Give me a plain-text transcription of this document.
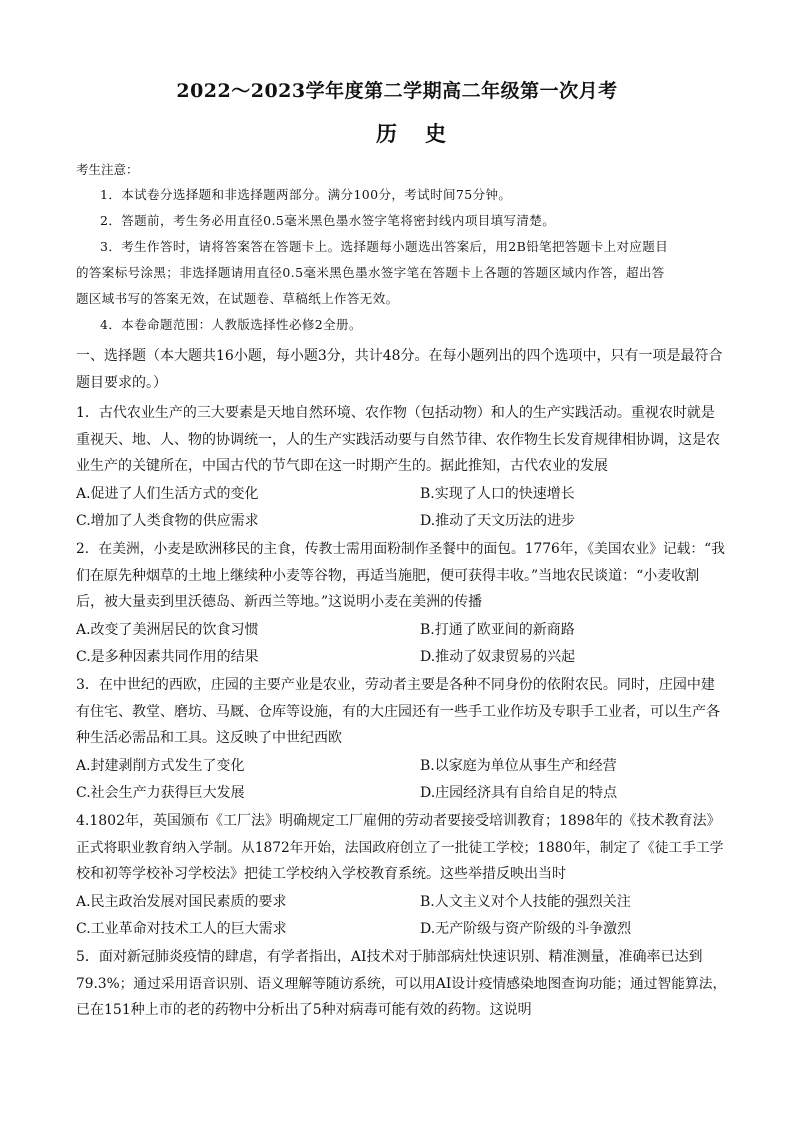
2022～2023学年度第二学期高二年级第一次月考
历史
考生注意：
1．本试卷分选择题和非选择题两部分。满分100分，考试时间75分钟。
2．答题前，考生务必用直径0.5毫米黑色墨水签字笔将密封线内项目填写清楚。
3．考生作答时，请将答案答在答题卡上。选择题每小题选出答案后，用2B铅笔把答题卡上对应题目
的答案标号涂黑；非选择题请用直径0.5毫米黑色墨水签字笔在答题卡上各题的答题区域内作答，超出答
题区域书写的答案无效，在试题卷、草稿纸上作答无效。
4．本卷命题范围：人教版选择性必修2全册。
一、选择题（本大题共16小题，每小题3分，共计48分。在每小题列出的四个选项中，只有一项是最符合
题目要求的。）
1．古代农业生产的三大要素是天地自然环境、农作物（包括动物）和人的生产实践活动。重视农时就是
重视天、地、人、物的协调统一，人的生产实践活动要与自然节律、农作物生长发育规律相协调，这是农
业生产的关键所在，中国古代的节气即在这一时期产生的。据此推知，古代农业的发展
A.促进了人们生活方式的变化	B.实现了人口的快速增长
C.增加了人类食物的供应需求	D.推动了天文历法的进步
2．在美洲，小麦是欧洲移民的主食，传教士需用面粉制作圣餐中的面包。1776年，《美国农业》记载：“我
们在原先种烟草的土地上继续种小麦等谷物，再适当施肥，便可获得丰收。”当地农民谈道：“小麦收割
后，被大量卖到里沃德岛、新西兰等地。”这说明小麦在美洲的传播
A.改变了美洲居民的饮食习惯	B.打通了欧亚间的新商路
C.是多种因素共同作用的结果	D.推动了奴隶贸易的兴起
3．在中世纪的西欧，庄园的主要产业是农业，劳动者主要是各种不同身份的依附农民。同时，庄园中建
有住宅、教堂、磨坊、马厩、仓库等设施，有的大庄园还有一些手工业作坊及专职手工业者，可以生产各
种生活必需品和工具。这反映了中世纪西欧
A.封建剥削方式发生了变化	B.以家庭为单位从事生产和经营
C.社会生产力获得巨大发展	D.庄园经济具有自给自足的特点
4.1802年，英国颁布《工厂法》明确规定工厂雇佣的劳动者要接受培训教育；1898年的《技术教育法》
正式将职业教育纳入学制。从1872年开始，法国政府创立了一批徒工学校；1880年，制定了《徒工手工学
校和初等学校补习学校法》把徒工学校纳入学校教育系统。这些举措反映出当时
A.民主政治发展对国民素质的要求	B.人文主义对个人技能的强烈关注
C.工业革命对技术工人的巨大需求	D.无产阶级与资产阶级的斗争激烈
5．面对新冠肺炎疫情的肆虐，有学者指出，AI技术对于肺部病灶快速识别、精准测量，准确率已达到
79.3%；通过采用语音识别、语义理解等随访系统，可以用AI设计疫情感染地图查询功能；通过智能算法，
已在151种上市的老的药物中分析出了5种对病毒可能有效的药物。这说明
